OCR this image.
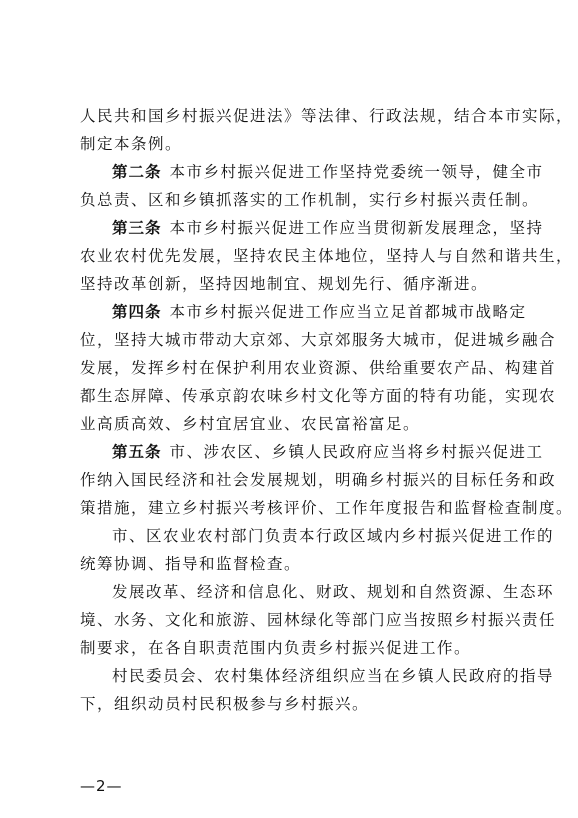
人民共和国乡村振兴促进法》等法律、行政法规，结合本市实际，
制定本条例。
第二条 本市乡村振兴促进工作坚持党委统一领导，健全市
负总责、区和乡镇抓落实的工作机制，实行乡村振兴责任制。
第三条 本市乡村振兴促进工作应当贯彻新发展理念，坚持
农业农村优先发展，坚持农民主体地位，坚持人与自然和谐共生，
坚持改革创新，坚持因地制宜、规划先行、循序渐进。
第四条 本市乡村振兴促进工作应当立足首都城市战略定
位，坚持大城市带动大京郊、大京郊服务大城市，促进城乡融合
发展，发挥乡村在保护利用农业资源、供给重要农产品、构建首
都生态屏障、传承京韵农味乡村文化等方面的特有功能，实现农
业高质高效、乡村宜居宜业、农民富裕富足。
第五条 市、涉农区、乡镇人民政府应当将乡村振兴促进工
作纳入国民经济和社会发展规划，明确乡村振兴的目标任务和政
策措施，建立乡村振兴考核评价、工作年度报告和监督检查制度。
市、区农业农村部门负责本行政区域内乡村振兴促进工作的
统筹协调、指导和监督检查。
发展改革、经济和信息化、财政、规划和自然资源、生态环
境、水务、文化和旅游、园林绿化等部门应当按照乡村振兴责任
制要求，在各自职责范围内负责乡村振兴促进工作。
村民委员会、农村集体经济组织应当在乡镇人民政府的指导
下，组织动员村民积极参与乡村振兴。
—2—
